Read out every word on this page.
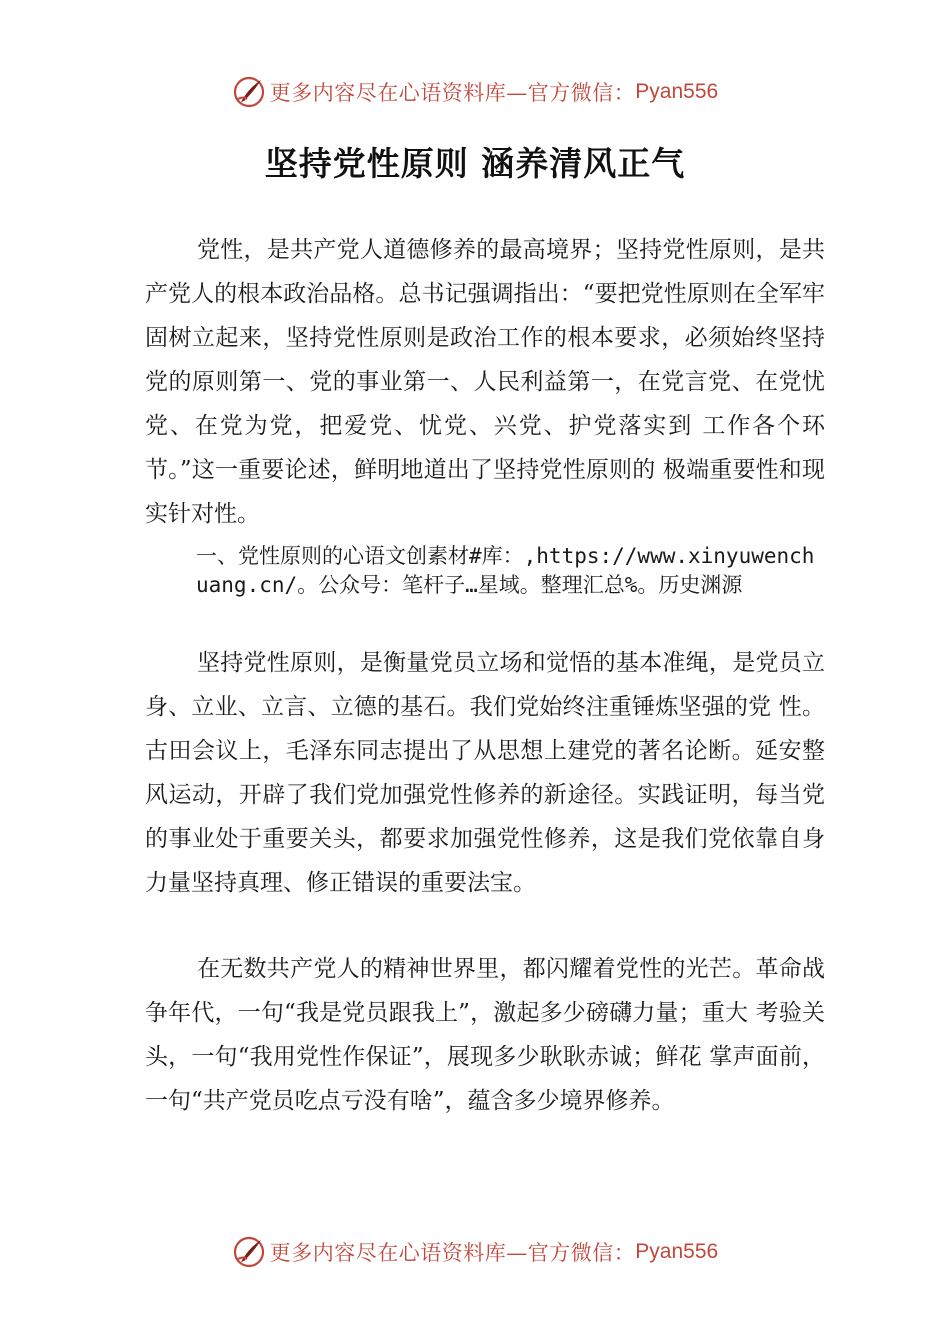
更多内容尽在心语资料库—官方微信： Pyan556
坚持党性原则 涵养清风正气

党性，是共产党人道德修养的最高境界；坚持党性原则，是共产党人的根本政治品格。总书记强调指出：“要把党性原则在全军牢固树立起来，坚持党性原则是政治工作的根本要求，必须始终坚持党的原则第一、党的事业第一、人民利益第一，在党言党、在党忧党、在党为党，把爱党、忧党、兴党、护党落实到 工作各个环节。”这一重要论述，鲜明地道出了坚持党性原则的 极端重要性和现实针对性。

一、党性原则的心语文创素材#库：,https://www.xinyuwenchuang.cn/。公众号：笔杆子…星域。整理汇总%。历史渊源

坚持党性原则，是衡量党员立场和觉悟的基本准绳，是党员立身、立业、立言、立德的基石。我们党始终注重锤炼坚强的党 性。古田会议上，毛泽东同志提出了从思想上建党的著名论断。延安整风运动，开辟了我们党加强党性修养的新途径。实践证明，每当党的事业处于重要关头，都要求加强党性修养，这是我们党依靠自身力量坚持真理、修正错误的重要法宝。

在无数共产党人的精神世界里，都闪耀着党性的光芒。革命战争年代，一句“我是党员跟我上”，激起多少磅礴力量；重大 考验关头，一句“我用党性作保证”，展现多少耿耿赤诚；鲜花 掌声面前，一句“共产党员吃点亏没有啥”，蕴含多少境界修养。

更多内容尽在心语资料库—官方微信： Pyan556
